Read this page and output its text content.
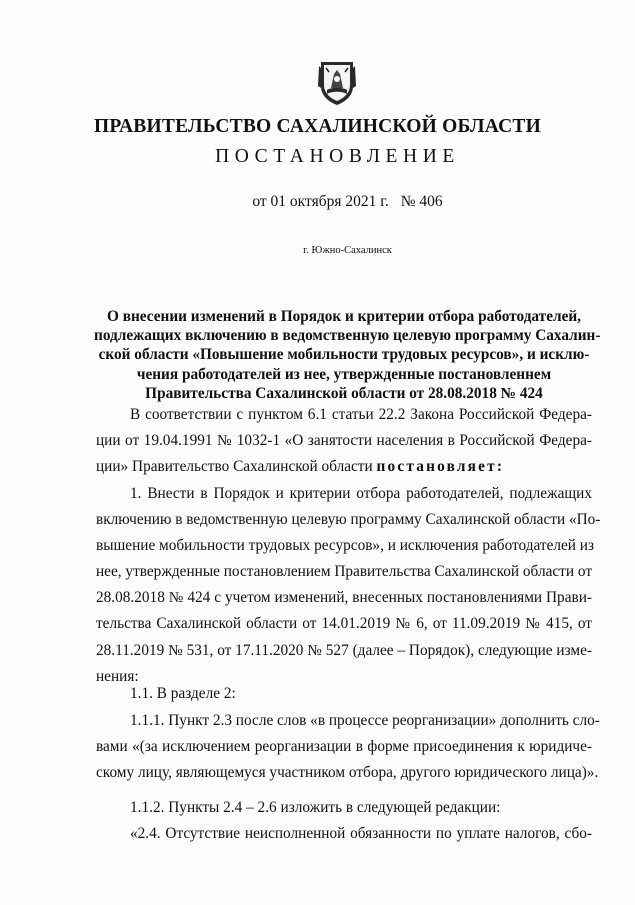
ПРАВИТЕЛЬСТВО САХАЛИНСКОЙ ОБЛАСТИ
ПОСТАНОВЛЕНИЕ
от 01 октября 2021 г. № 406
г. Южно-Сахалинск
О внесении изменений в Порядок и критерии отбора работодателей,
подлежащих включению в ведомственную целевую программу Сахалин-
ской области «Повышение мобильности трудовых ресурсов», и исклю-
чения работодателей из нее, утвержденные постановленнем
Правительства Сахалинской области от 28.08.2018 № 424
В соответствии с пунктом 6.1 статьи 22.2 Закона Российской Федера-
ции от 19.04.1991 № 1032-1 «О занятости населения в Российской Федера-
ции» Правительство Сахалинской области постановляет:
1. Внести в Порядок и критерии отбора работодателей, подлежащих
включению в ведомственную целевую программу Сахалинской области «По-
вышение мобильности трудовых ресурсов», и исключения работодателей из
нее, утвержденные постановлением Правительства Сахалинской области от
28.08.2018 № 424 с учетом изменений, внесенных постановлениями Прави-
тельства Сахалинской области от 14.01.2019 № 6, от 11.09.2019 № 415, от
28.11.2019 № 531, от 17.11.2020 № 527 (далее – Порядок), следующие изме-
нения:
1.1. В разделе 2:
1.1.1. Пункт 2.3 после слов «в процессе реорганизации» дополнить сло-
вами «(за исключением реорганизации в форме присоединения к юридиче-
скому лицу, являющемуся участником отбора, другого юридического лица)».
1.1.2. Пункты 2.4 – 2.6 изложить в следующей редакции:
«2.4. Отсутствие неисполненной обязанности по уплате налогов, сбо-
